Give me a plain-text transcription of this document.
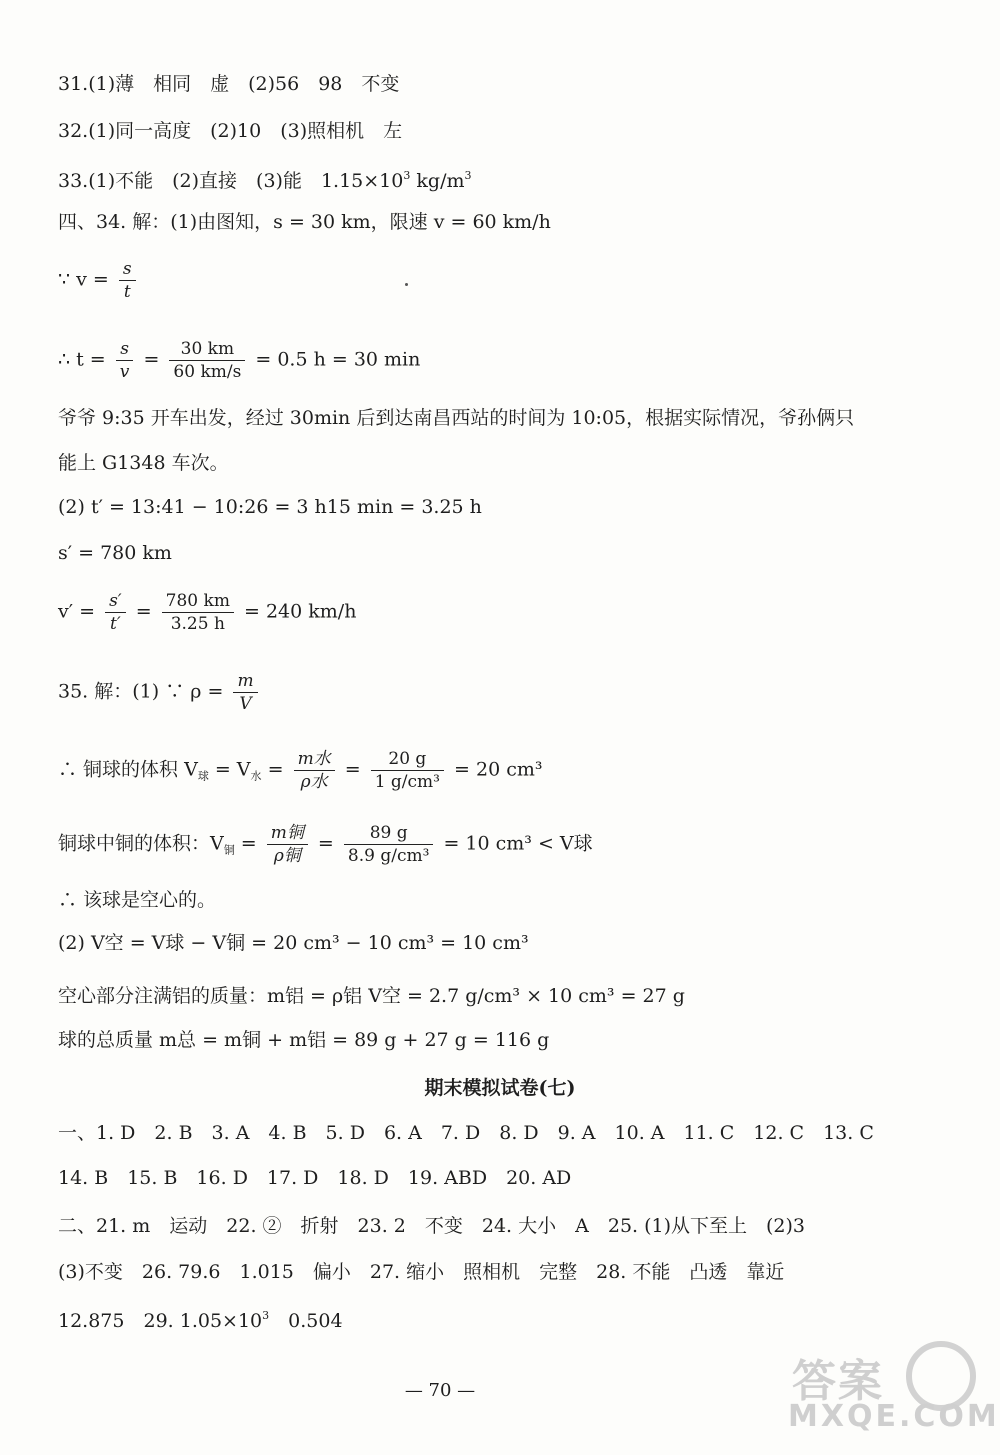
31.(1)薄　相同　虚　(2)56　98　不变
32.(1)同一高度　(2)10　(3)照相机　左
33.(1)不能　(2)直接　(3)能　$1.15\times 10^3$ $kg/m^3$
四、34. 解：(1)由图知，s = 30 km，限速 v = 60 km/h
∵ $v = \frac{s}{t}$
∴ $t = \frac{s}{v} = \frac{30 km}{60 km/s} = 0.5$ h = 30 min
爷爷 9:35 开车出发，经过 30min 后到达南昌西站的时间为 10:05，根据实际情况，爷孙俩只
能上 G1348 车次。
(2) t′ = 13:41 − 10:26 = 3 h15 min = 3.25 h
s′ = 780 km
$v' = \frac{s'}{t'} = \frac{780 km}{3.25 h} = 240$ km/h
35. 解：(1) ∵ $\rho = \frac{m}{V}$
∴ 铜球的体积 $V_球 = V_水 = m$水
ρ水
= $\frac{20 g}{\text{1 g/cm³}} = 20$ cm³
铜球中铜的体积：$V_铜 = m$铜
ρ铜
= $\frac{89 g}{\text{8.9 g/cm³}} = 10$ cm³ < V球
∴ 该球是空心的。
(2) V空 = V球 − V铜 = 20 cm³ − 10 cm³ = 10 cm³
空心部分注满铝的质量：m铝 = ρ铝 V空 = 2.7 g/cm³ × 10 cm³ = 27 g
球的总质量 m总 = m铜 + m铝 = 89 g + 27 g = 116 g
期末模拟试卷(七)
一、1. D　2. B　3. A　4. B　5. D　6. A　7. D　8. D　9. A　10. A　11. C　12. C　13. C
14. B　15. B　16. D　17. D　18. D　19. ABD　20. AD
二、21. m　运动　22. ②　折射　23. 2　不变　24. 大小　A　25. (1)从下至上　(2)3
(3)不变　26. 79.6　1.015　偏小　27. 缩小　照相机　完整　28. 不能　凸透　靠近
12.875　29. $1.05\times 10^3$　0.504
— 70 —	答案
MXQE.COM
